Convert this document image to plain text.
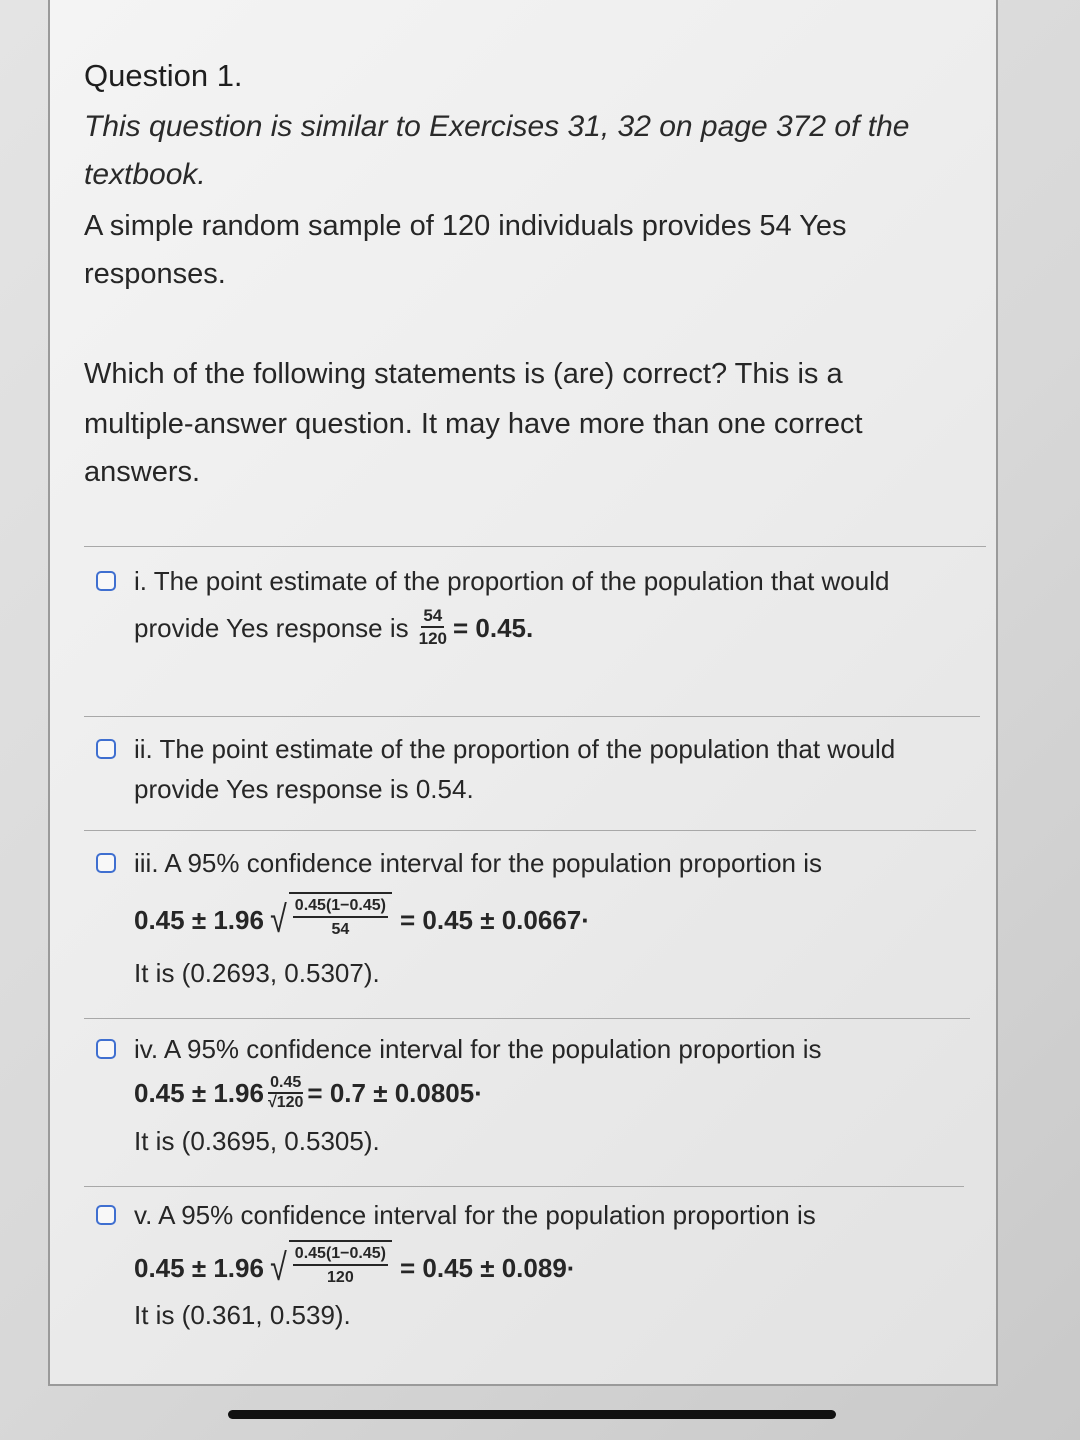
Question 1.
This question is similar to Exercises 31, 32 on page 372 of the
textbook.
A simple random sample of 120 individuals provides 54 Yes
responses.
Which of the following statements is (are) correct? This is a
multiple-answer question. It may have more than one correct
answers.
i. The point estimate of the proportion of the population that would
provide Yes response is $\frac{54}{120} = 0.45$.
ii. The point estimate of the proportion of the population that would
provide Yes response is 0.54.
iii. A 95% confidence interval for the population proportion is
0.45 ± 1.96 √ $\frac{0.45(1-0.45)}{54} = 0.45 \pm 0.0667\cdot$
It is (0.2693, 0.5307).
iv. A 95% confidence interval for the population proportion is
$0.45 \pm 1.96 \frac{0.45}{√120} = 0.7 \pm 0.0805\cdot$
It is (0.3695, 0.5305).
v. A 95% confidence interval for the population proportion is
0.45 ± 1.96 √ $\frac{0.45(1-0.45)}{120} = 0.45 \pm 0.089\cdot$
It is (0.361, 0.539).
